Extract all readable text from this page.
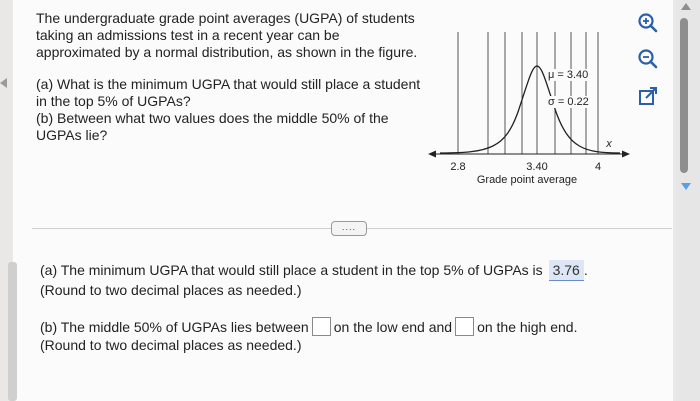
The undergraduate grade point averages (UGPA) of students taking an admissions test in a recent year can be approximated by a normal distribution, as shown in the figure.

(a) What is the minimum UGPA that would still place a student in the top 5% of UGPAs?

(b) Between what two values does the middle 50% of the UGPAs lie?

2.8	3.40	4
x
Grade point average
μ = 3.40
σ = 0.22
....

(a) The minimum UGPA that would still place a student in the top 5% of UGPAs is 3.76 .

(Round to two decimal places as needed.)

(b) The middle 50% of UGPAs lies between on the low end and on the high end.

(Round to two decimal places as needed.)
